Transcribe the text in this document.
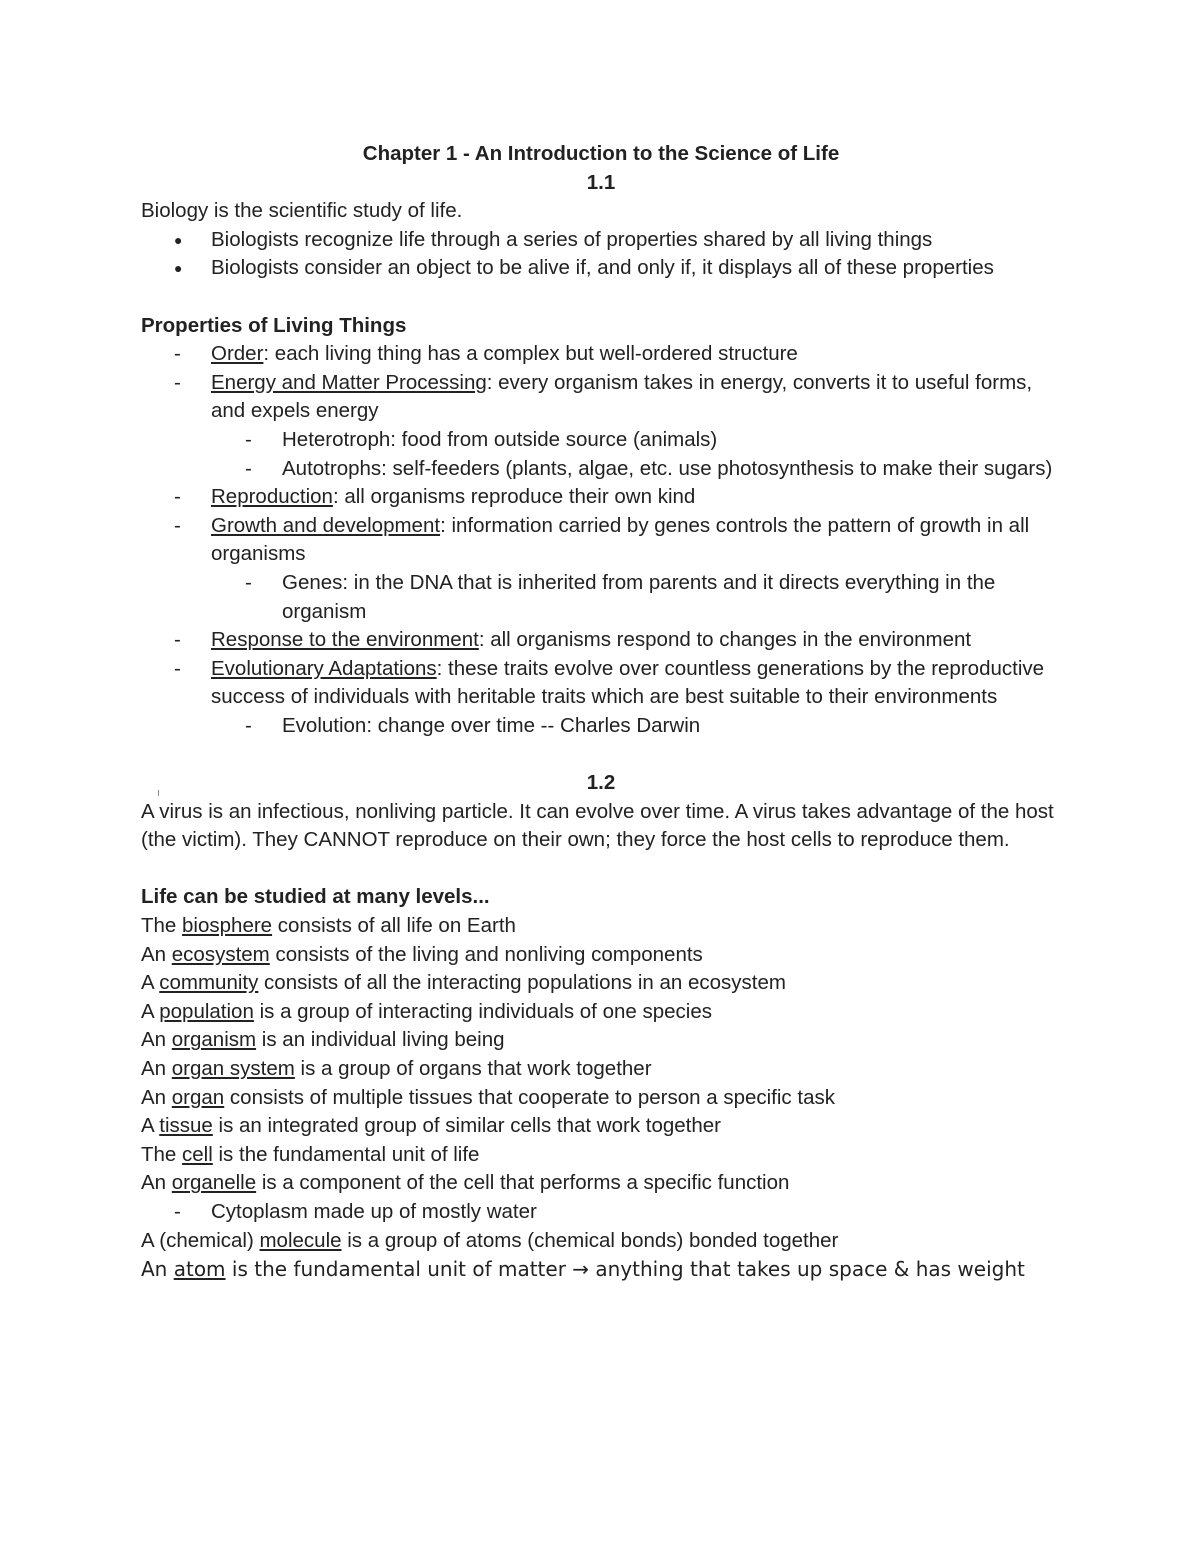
Chapter 1 - An Introduction to the Science of Life
1.1
Biology is the scientific study of life.
● Biologists recognize life through a series of properties shared by all living things
● Biologists consider an object to be alive if, and only if, it displays all of these properties
Properties of Living Things
- Order: each living thing has a complex but well-ordered structure
- Energy and Matter Processing: every organism takes in energy, converts it to useful forms, and expels energy
- Heterotroph: food from outside source (animals)
- Autotrophs: self-feeders (plants, algae, etc. use photosynthesis to make their sugars)
- Reproduction: all organisms reproduce their own kind
- Growth and development: information carried by genes controls the pattern of growth in all organisms
- Genes: in the DNA that is inherited from parents and it directs everything in the organism
- Response to the environment: all organisms respond to changes in the environment
- Evolutionary Adaptations: these traits evolve over countless generations by the reproductive success of individuals with heritable traits which are best suitable to their environments
- Evolution: change over time -- Charles Darwin
1.2
A virus is an infectious, nonliving particle. It can evolve over time. A virus takes advantage of the host (the victim). They CANNOT reproduce on their own; they force the host cells to reproduce them.
Life can be studied at many levels...
The biosphere consists of all life on Earth
An ecosystem consists of the living and nonliving components
A community consists of all the interacting populations in an ecosystem
A population is a group of interacting individuals of one species
An organism is an individual living being
An organ system is a group of organs that work together
An organ consists of multiple tissues that cooperate to person a specific task
A tissue is an integrated group of similar cells that work together
The cell is the fundamental unit of life
An organelle is a component of the cell that performs a specific function
- Cytoplasm made up of mostly water
A (chemical) molecule is a group of atoms (chemical bonds) bonded together
An atom is the fundamental unit of matter → anything that takes up space & has weight
